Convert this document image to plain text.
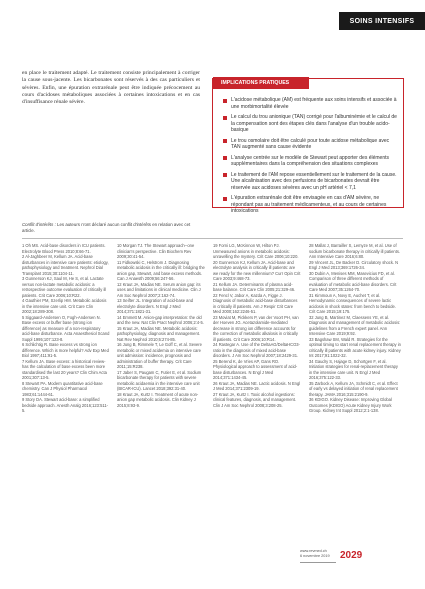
SOINS INTENSIFS
en place le traitement adapté. Le traitement consiste principalement à corriger la cause sous-jacente. Les bicarbonates sont réservés à des cas particuliers et sévères. Enfin, une épuration extrarénale peut être indiquée précocement au cours d'acidoses métaboliques associées à certaines intoxications et en cas d'insuffisance rénale sévère.
IMPLICATIONS PRATIQUES
L'acidose métabolique (AM) est fréquente aux soins intensifs et associée à une morbimortalité élevée
Le calcul du trou anionique (TAN) corrigé pour l'albuminémie et le calcul de la compensation sont des étapes clés dans l'analyse d'un trouble acido-basique
Le trou osmolaire doit être calculé pour toute acidose métabolique avec TAN augmenté sans cause évidente
L'analyse centrée sur le modèle de Stewart peut apporter des éléments supplémentaires dans la compréhension des situations complexes
Le traitement de l'AM repose essentiellement sur le traitement de la cause. Une alcalinisation avec des perfusions de bicarbonates devrait être réservée aux acidoses sévères avec un pH artériel < 7,1
L'épuration extrarénale doit être envisagée en cas d'AM sévère, ne répondant pas au traitement médicamenteux, et au cours de certaines intoxications
Conflit d'intérêts : Les auteurs n'ont déclaré aucun conflit d'intérêts en relation avec cet article.

1 Oh MS. Acid-base disorders in ICU patients. Electrolyte Blood Press 2010;8:66-71.

2 Al-Jaghbeer M, Kellum JA. Acid-base disturbances in intensive care patients: etiology, pathophysiology and treatment. Nephrol Dial Transplant 2015;30:1104-11.

3 Gunnerson KJ, Saul M, He S, et al. Lactate versus non-lactate metabolic acidosis: a retrospective outcome evaluation of critically ill patients. Crit Care 2006;10:R22.

4 Gauthier PM, Szerlip HM. Metabolic acidosis in the intensive care unit. Crit Care Clin 2002;18:289-308.

5 Siggaard-Andersen O, Fogh-Andersen N. Base excess or buffer base (strong ion difference) as measure of a non-respiratory acid-base disturbance. Acta Anaesthesiol Scand Suppl 1995;107:123-8.

6 Schlichtig R. Base excess vs strong ion difference. Which is more helpful? Adv Exp Med Biol 1997;411:91-5.

7 Kellum JA. Base excess: a historical review-has the calculation of base excess been more standardised the last 20 years? Clin Chim Acta 2001;307:13-5.

8 Stewart PA. Modern quantitative acid-base chemistry. Can J Physiol Pharmacol 1983;61:1444-61.

9 Story DA. Stewart acid-base: a simplified bedside approach. Anesth Analg 2016;123:511-5.

10 Morgan TJ. The Stewart approach--one clinician's perspective. Clin Biochem Rev 2009;30:41-54.

11 Fidkowski C, Helstrom J. Diagnosing metabolic acidosis in the critically ill: bridging the anion gap, Stewart, and base excess methods. Can J Anaesth 2009;56:247-56.

12 Kraut JA, Madias NE. Serum anion gap: its uses and limitations in clinical medicine. Clin J Am Soc Nephrol 2007;2:162-74.

13 Seifter JL. Integration of acid-base and electrolyte disorders. N Engl J Med 2014;371:1821-31.

14 Emmett M. Anion-gap interpretation: the old and the new. Nat Clin Pract Nephrol 2006;2:4-5.

15 Kraut JA, Madias NE. Metabolic acidosis: pathophysiology, diagnosis and management. Nat Rev Nephrol 2010;6:274-85.

16 Jung B, Rimmele T, Le Goff C, et al. Severe metabolic or mixed acidemia on intensive care unit admission: incidence, prognosis and administration of buffer therapy. Crit Care 2011;15:R238.

17 Jaber S, Paugam C, Futier E, et al. Sodium bicarbonate therapy for patients with severe metabolic acidaemia in the intensive care unit (BICAR-ICU). Lancet 2018;392:31-40.

18 Kraut JA, Kurtz I. Treatment of acute non-anion gap metabolic acidosis. Clin Kidney J 2015;8:93-9.

19 Forni LG, McKinnon W, Hilton PJ. Unmeasured anions in metabolic acidosis: unravelling the mystery. Crit Care 2006;10:220.

20 Gunnerson KJ, Kellum JA. Acid-base and electrolyte analysis in critically ill patients: are we ready for the new millennium? Curr Opin Crit Care 2003;9:468-73.

21 Kellum JA. Determinants of plasma acid-base balance. Crit Care Clin 2005;21:329-46.

22 Fencl V, Jabor A, Kazda A, Figge J. Diagnosis of metabolic acid-base disturbances in critically ill patients. Am J Respir Crit Care Med 2000;162:2246-51.

23 Moviat M, Pickkers P, van der Voort PH, van der Hoeven JG. Acetazolamide-mediated decrease in strong ion difference accounts for the correction of metabolic alkalosis in critically ill patients. Crit Care 2006;10:R14.

24 Rastegar A. Use of the DeltaAG/DeltaHCO3- ratio in the diagnosis of mixed acid-base disorders. J Am Soc Nephrol 2007;18:2429-31.

25 Berend K, de Vries AP, Gans RO. Physiological approach to assessment of acid-base disturbances. N Engl J Med 2014;371:1434-45.

26 Kraut JA, Madias NE. Lactic acidosis. N Engl J Med 2014;371:2309-19.

27 Kraut JA, Kurtz I. Toxic alcohol ingestions: clinical features, diagnosis, and management. Clin J Am Soc Nephrol 2008;3:208-25.

28 Mallat J, Barrailler S, Lemyze M, et al. Use of sodium bicarbonate therapy in critically ill patients. Ann Intensive Care 2016;6:80.

29 Vincent JL, De Backer D. Circulatory shock. N Engl J Med 2013;369:1726-34.

30 Dubin A, Menises MM, Masevicius FD, et al. Comparison of three different methods of evaluation of metabolic acid-base disorders. Crit Care Med 2007;35:1264-70.

31 Kimmoun A, Novy E, Auchet T, et al. Hemodynamic consequences of severe lactic acidosis in shock states: from bench to bedside. Crit Care 2015;19:175.

32 Jung B, Martinez M, Claessens YE, et al. Diagnosis and management of metabolic acidosis: guidelines from a French expert panel. Ann Intensive Care 2019;9:92.

33 Bagshaw SM, Wald R. Strategies for the optimal timing to start renal replacement therapy in critically ill patients with acute kidney injury. Kidney Int 2017;91:1022-32.

34 Gaudry S, Hajage D, Schortgen F, et al. Initiation strategies for renal-replacement therapy in the intensive care unit. N Engl J Med 2016;375:122-33.

35 Zarbock A, Kellum JA, Schmidt C, et al. Effect of early vs delayed initiation of renal replacement therapy. JAMA 2016;315:2190-9.

36 KDIGO. Kidney Disease: Improving Global Outcomes (KDIGO) Acute Kidney Injury Work Group. Kidney Int Suppl 2012;2:1-138.

www.revmed.ch
6 novembre 2019	2029
